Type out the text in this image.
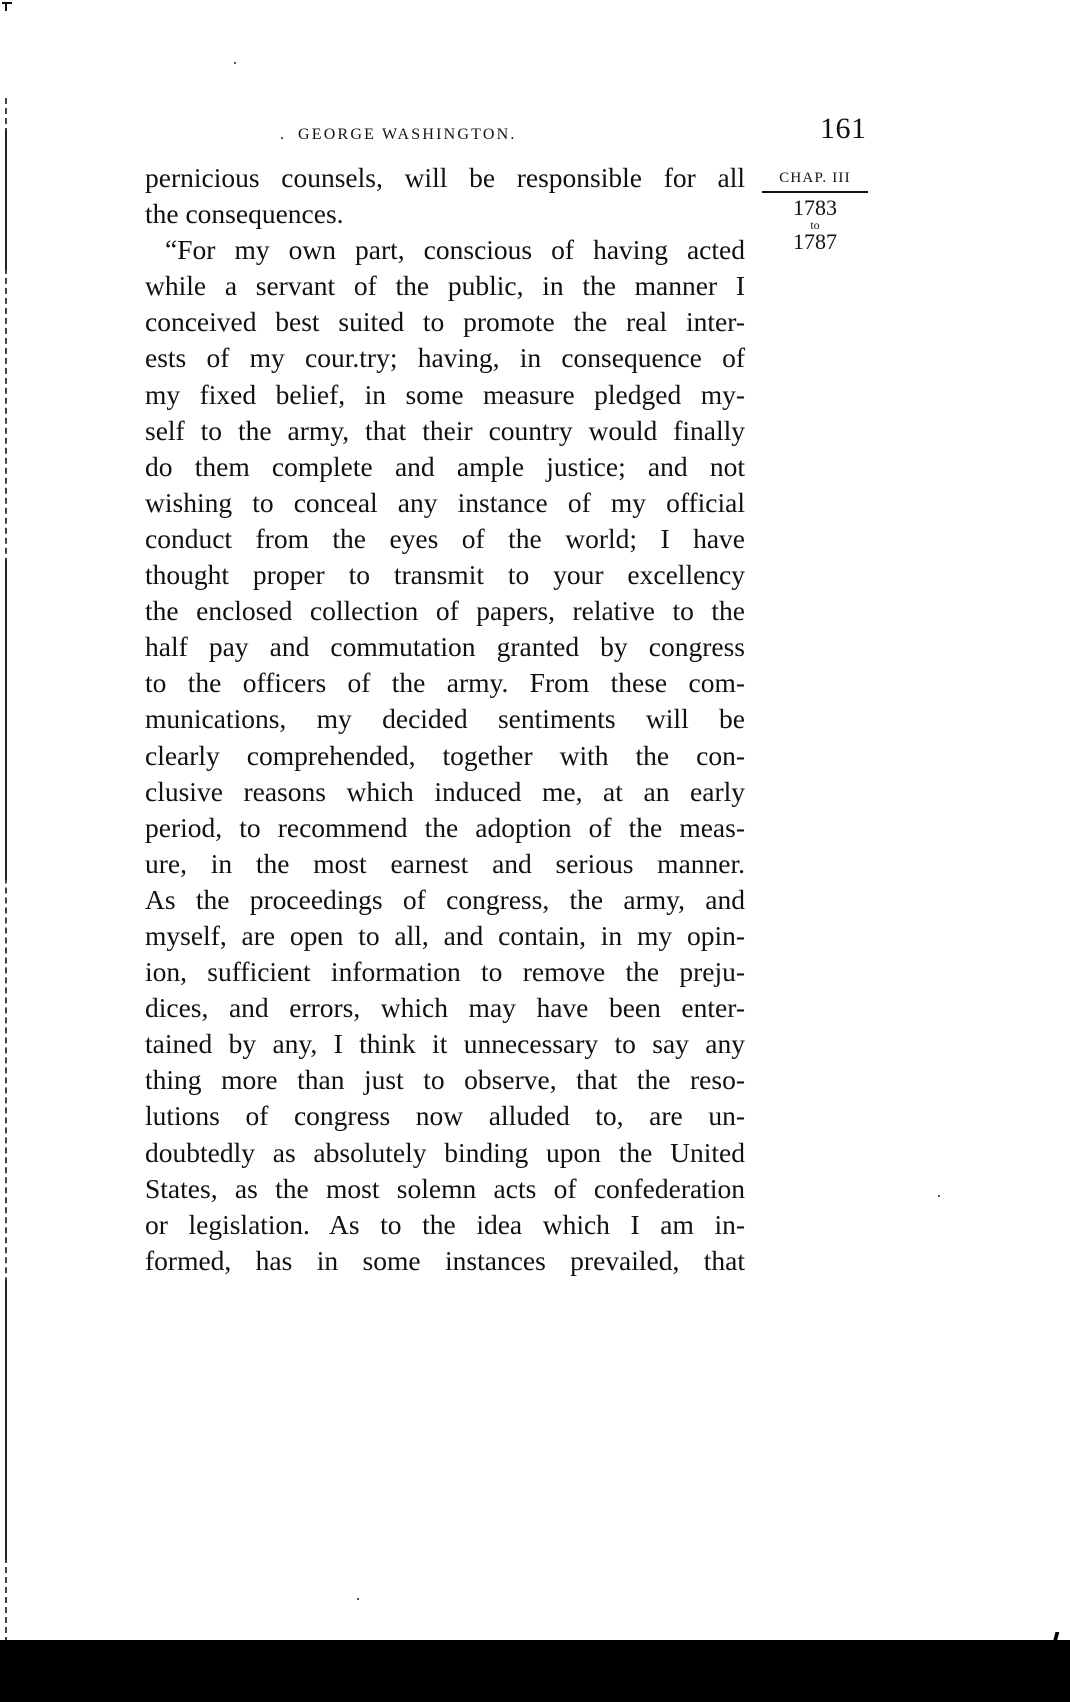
. GEORGE WASHINGTON.	161
CHAP. III
1783
to
1787
pernicious counsels, will be responsible for all
the consequences.
“For my own part, conscious of having acted
while a servant of the public, in the manner I
conceived best suited to promote the real inter-
ests of my cour.try; having, in consequence of
my fixed belief, in some measure pledged my-
self to the army, that their country would finally
do them complete and ample justice; and not
wishing to conceal any instance of my official
conduct from the eyes of the world; I have
thought proper to transmit to your excellency
the enclosed collection of papers, relative to the
half pay and commutation granted by congress
to the officers of the army. From these com-
munications, my decided sentiments will be
clearly comprehended, together with the con-
clusive reasons which induced me, at an early
period, to recommend the adoption of the meas-
ure, in the most earnest and serious manner.
As the proceedings of congress, the army, and
myself, are open to all, and contain, in my opin-
ion, sufficient information to remove the preju-
dices, and errors, which may have been enter-
tained by any, I think it unnecessary to say any
thing more than just to observe, that the reso-
lutions of congress now alluded to, are un-
doubtedly as absolutely binding upon the United
States, as the most solemn acts of confederation
or legislation. As to the idea which I am in-
formed, has in some instances prevailed, that
